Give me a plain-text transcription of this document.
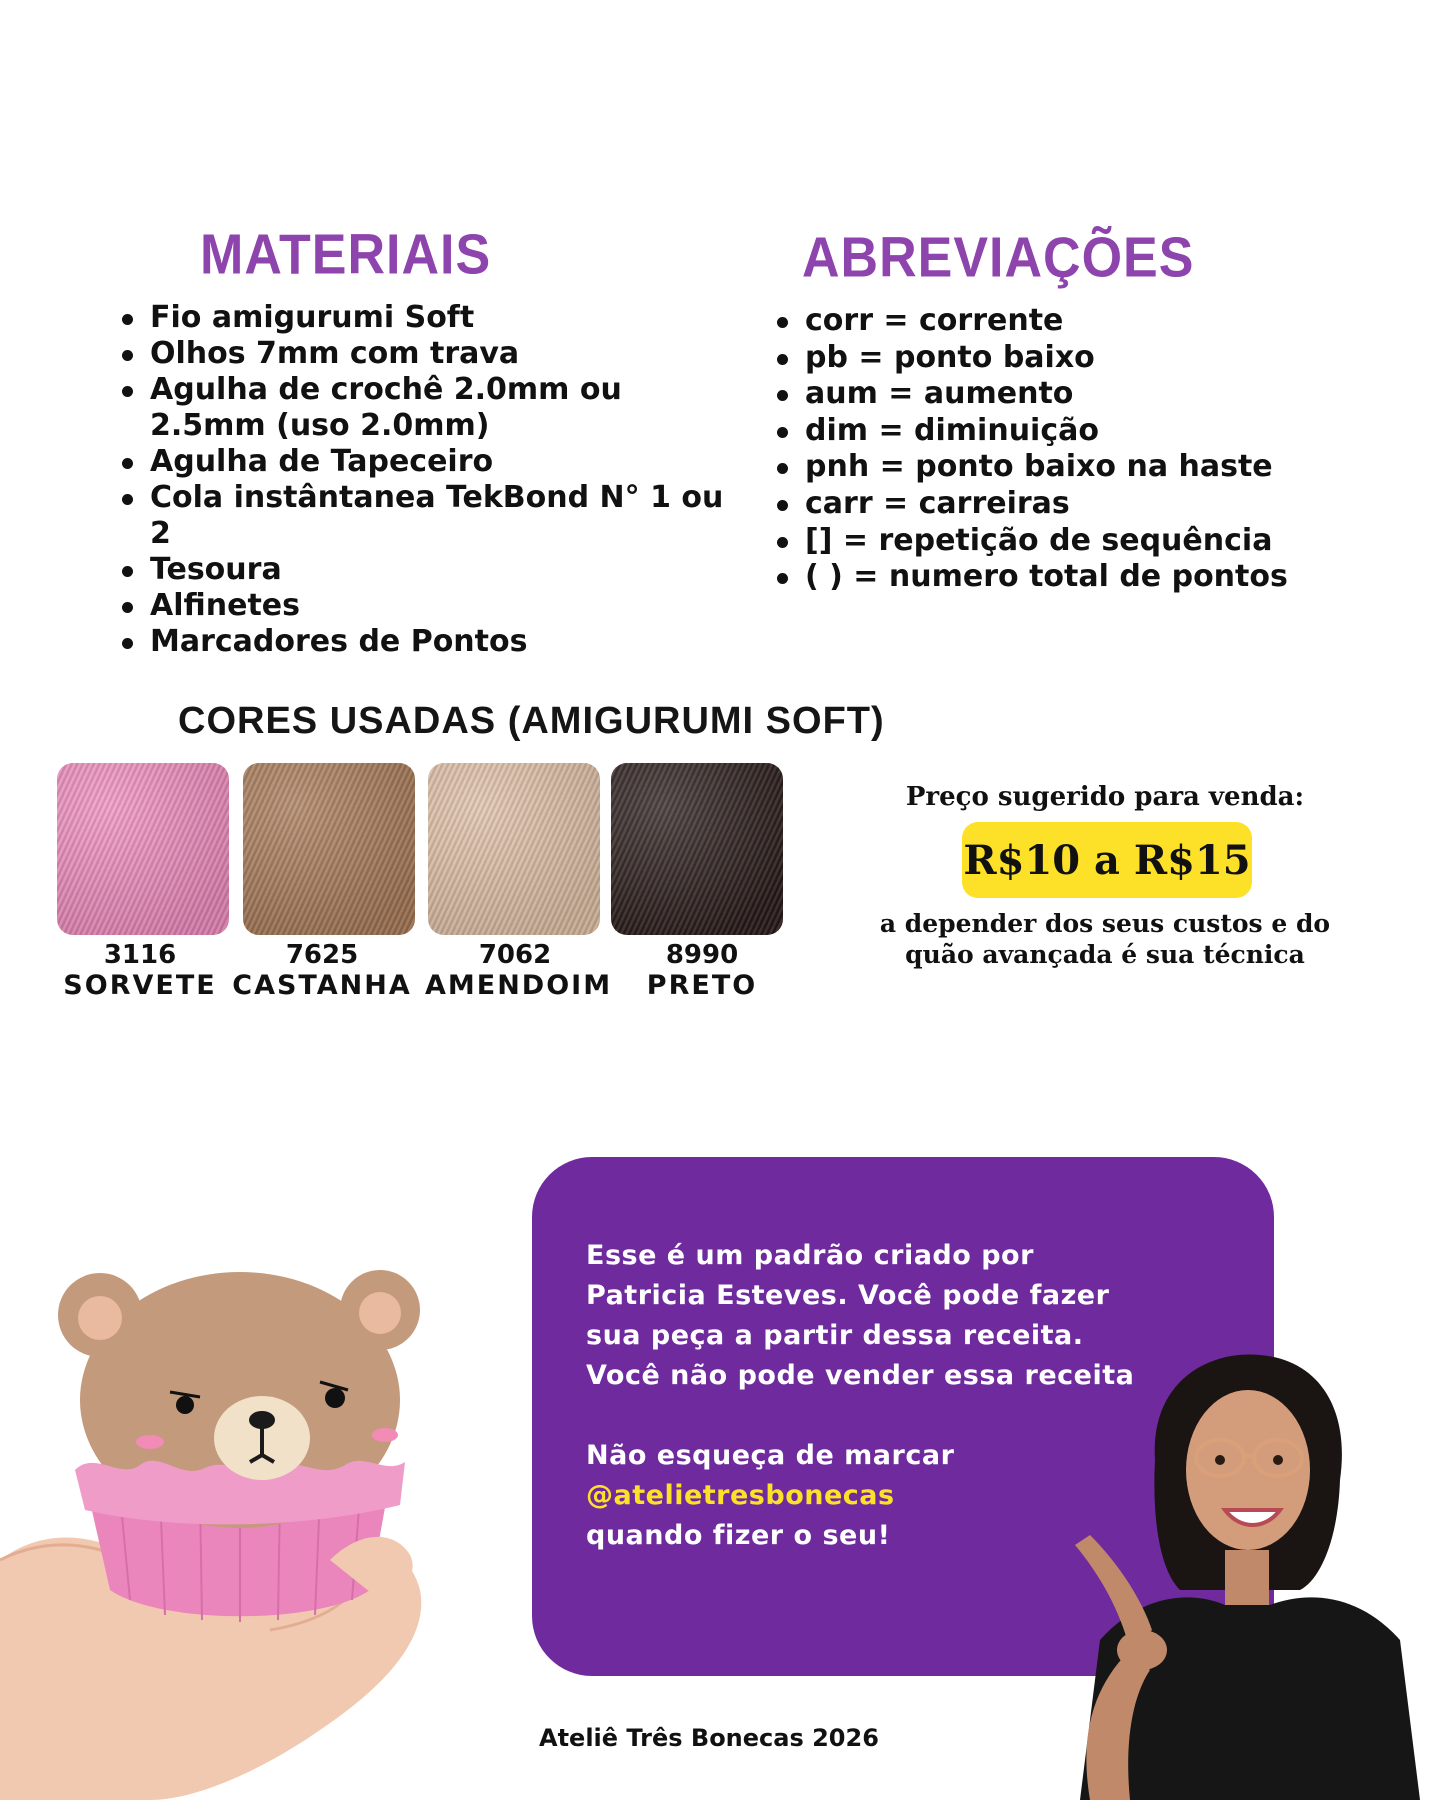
MATERIAIS
Fio amigurumi Soft
Olhos 7mm com trava
Agulha de crochê 2.0mm ou 2.5mm (uso 2.0mm)
Agulha de Tapeceiro
Cola instântanea TekBond N° 1 ou 2
Tesoura
Alfinetes
Marcadores de Pontos
ABREVIAÇÕES
corr = corrente
pb = ponto baixo
aum = aumento
dim = diminuição
pnh = ponto baixo na haste
carr = carreiras
[] = repetição de sequência
( ) = numero total de pontos
CORES USADAS (AMIGURUMI SOFT)
3116
SORVETE
7625
CASTANHA
7062
AMENDOIM
8990
PRETO
Preço sugerido para venda:
R$10 a R$15
a depender dos seus custos e do
quão avançada é sua técnica

Esse é um padrão criado por

Patricia Esteves. Você pode fazer

sua peça a partir dessa receita.

Você não pode vender essa receita

Não esqueça de marcar

@atelietresbonecas

quando fizer o seu!

Ateliê Três Bonecas 2026
